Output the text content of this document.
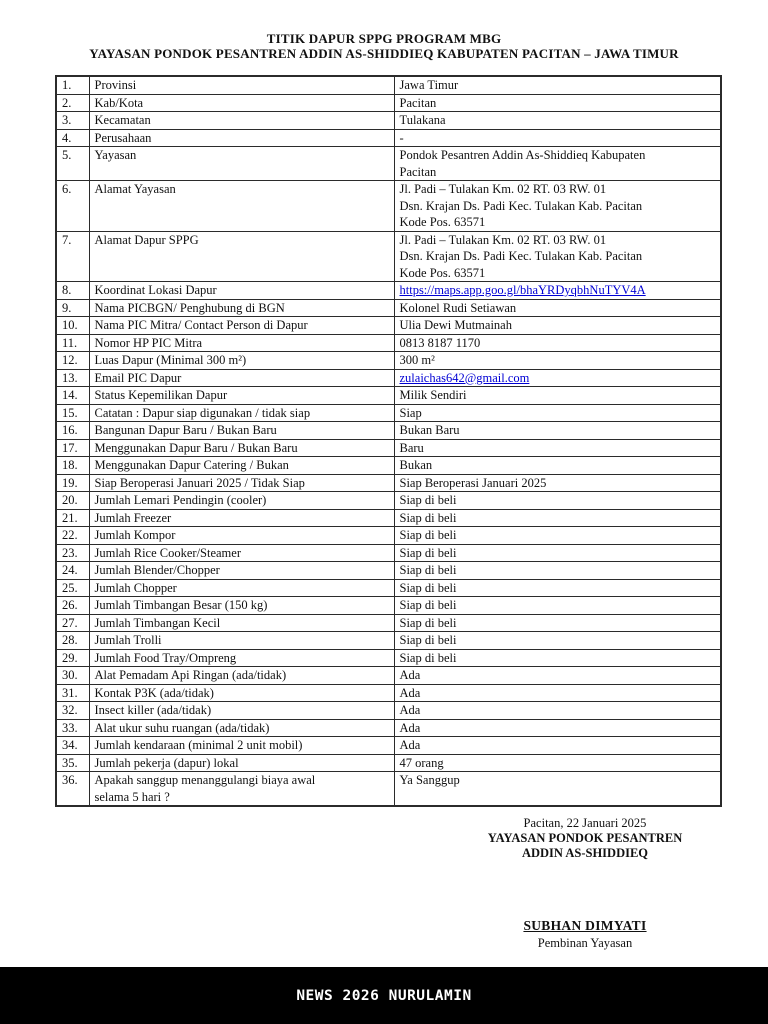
TITIK DAPUR SPPG PROGRAM MBG
YAYASAN PONDOK PESANTREN ADDIN AS-SHIDDIEQ KABUPATEN PACITAN – JAWA TIMUR
1.	Provinsi	Jawa Timur

2.	Kab/Kota	Pacitan

3.	Kecamatan	Tulakana

4.	Perusahaan	-

5.	Yayasan	Pondok Pesantren Addin As-Shiddieq Kabupaten
Pacitan

6.	Alamat Yayasan	Jl. Padi – Tulakan Km. 02 RT. 03 RW. 01
Dsn. Krajan Ds. Padi Kec. Tulakan Kab. Pacitan
Kode Pos. 63571

7.	Alamat Dapur SPPG	Jl. Padi – Tulakan Km. 02 RT. 03 RW. 01
Dsn. Krajan Ds. Padi Kec. Tulakan Kab. Pacitan
Kode Pos. 63571

8.	Koordinat Lokasi Dapur	https://maps.app.goo.gl/bhaYRDyqbhNuTYV4A
9.	Nama PICBGN/ Penghubung di BGN	Kolonel Rudi Setiawan

10.	Nama PIC Mitra/ Contact Person di Dapur	Ulia Dewi Mutmainah

11.	Nomor HP PIC Mitra	0813 8187 1170

12.	Luas Dapur (Minimal 300 m²)	300 m²

13.	Email PIC Dapur	zulaichas642@gmail.com
14.	Status Kepemilikan Dapur	Milik Sendiri

15.	Catatan : Dapur siap digunakan / tidak siap	Siap

16.	Bangunan Dapur Baru / Bukan Baru	Bukan Baru

17.	Menggunakan Dapur Baru / Bukan Baru	Baru

18.	Menggunakan Dapur Catering / Bukan	Bukan

19.	Siap Beroperasi Januari 2025 / Tidak Siap	Siap Beroperasi Januari 2025

20.	Jumlah Lemari Pendingin (cooler)	Siap di beli

21.	Jumlah Freezer	Siap di beli

22.	Jumlah Kompor	Siap di beli

23.	Jumlah Rice Cooker/Steamer	Siap di beli

24.	Jumlah Blender/Chopper	Siap di beli

25.	Jumlah Chopper	Siap di beli

26.	Jumlah Timbangan Besar (150 kg)	Siap di beli

27.	Jumlah Timbangan Kecil	Siap di beli

28.	Jumlah Trolli	Siap di beli

29.	Jumlah Food Tray/Ompreng	Siap di beli

30.	Alat Pemadam Api Ringan (ada/tidak)	Ada

31.	Kontak P3K (ada/tidak)	Ada

32.	Insect killer (ada/tidak)	Ada

33.	Alat ukur suhu ruangan (ada/tidak)	Ada

34.	Jumlah kendaraan (minimal 2 unit mobil)	Ada

35.	Jumlah pekerja (dapur) lokal	47 orang

36.	Apakah sanggup menanggulangi biaya awal
selama 5 hari ?	Ya Sanggup
Pacitan, 22 Januari 2025
YAYASAN PONDOK PESANTREN
ADDIN AS-SHIDDIEQ
SUBHAN DIMYATI
Pembinan Yayasan
NEWS 2026 NURULAMIN
